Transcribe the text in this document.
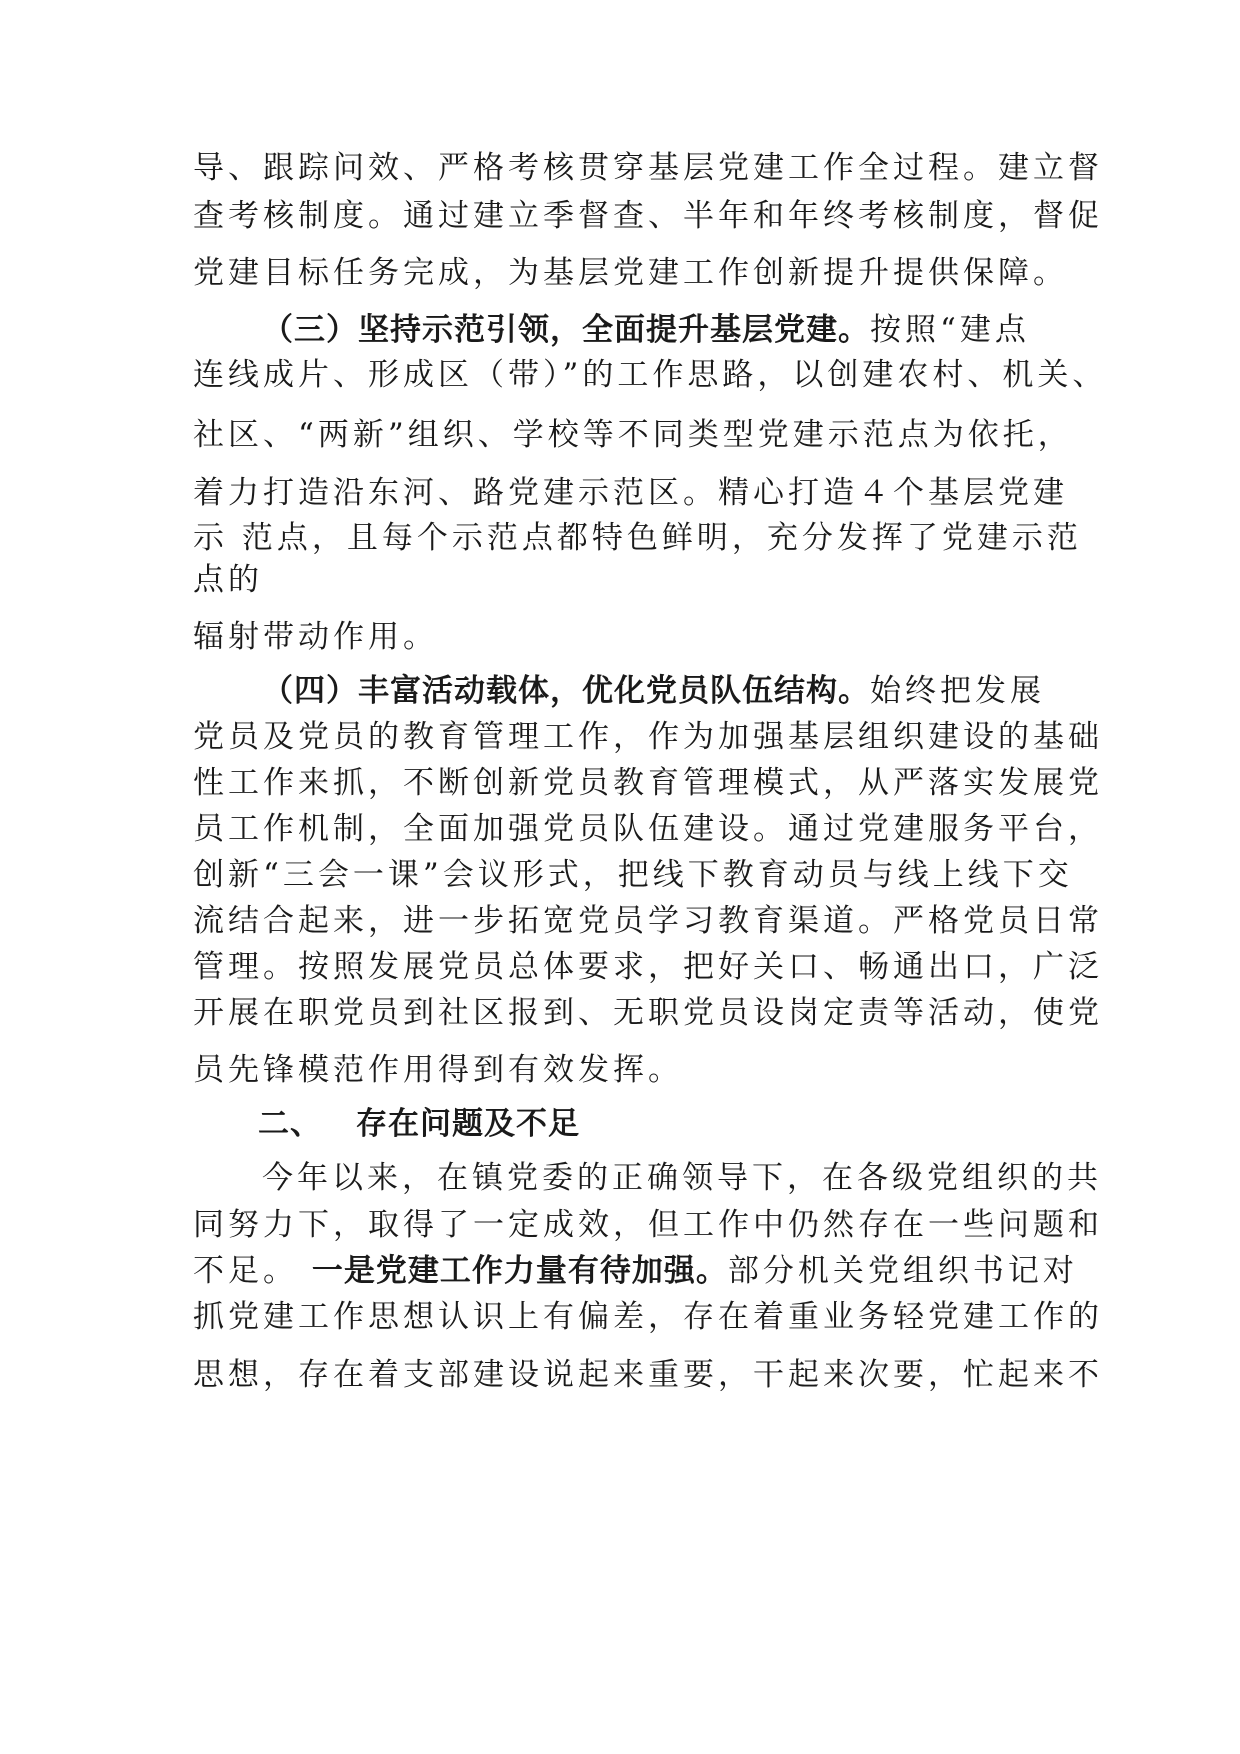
导、跟踪问效、严格考核贯穿基层党建工作全过程。建立督
查考核制度。通过建立季督查、半年和年终考核制度，督促
党建目标任务完成，为基层党建工作创新提升提供保障。
（三）坚持示范引领，全面提升基层党建。按照“建点
连线成片、形成区（带）”的工作思路，以创建农村、机关、
社区、“两新”组织、学校等不同类型党建示范点为依托，
着力打造沿东河、路党建示范区。精心打造４个基层党建
示 范点，且每个示范点都特色鲜明，充分发挥了党建示范
点的
辐射带动作用。
（四）丰富活动载体，优化党员队伍结构。始终把发展
党员及党员的教育管理工作，作为加强基层组织建设的基础
性工作来抓，不断创新党员教育管理模式，从严落实发展党
员工作机制，全面加强党员队伍建设。通过党建服务平台，
创新“三会一课”会议形式，把线下教育动员与线上线下交
流结合起来，进一步拓宽党员学习教育渠道。严格党员日常
管理。按照发展党员总体要求，把好关口、畅通出口，广泛
开展在职党员到社区报到、无职党员设岗定责等活动，使党
员先锋模范作用得到有效发挥。
二、 存在问题及不足
今年以来，在镇党委的正确领导下，在各级党组织的共
同努力下，取得了一定成效，但工作中仍然存在一些问题和
不足。 一是党建工作力量有待加强。部分机关党组织书记对
抓党建工作思想认识上有偏差，存在着重业务轻党建工作的
思想，存在着支部建设说起来重要，干起来次要，忙起来不
